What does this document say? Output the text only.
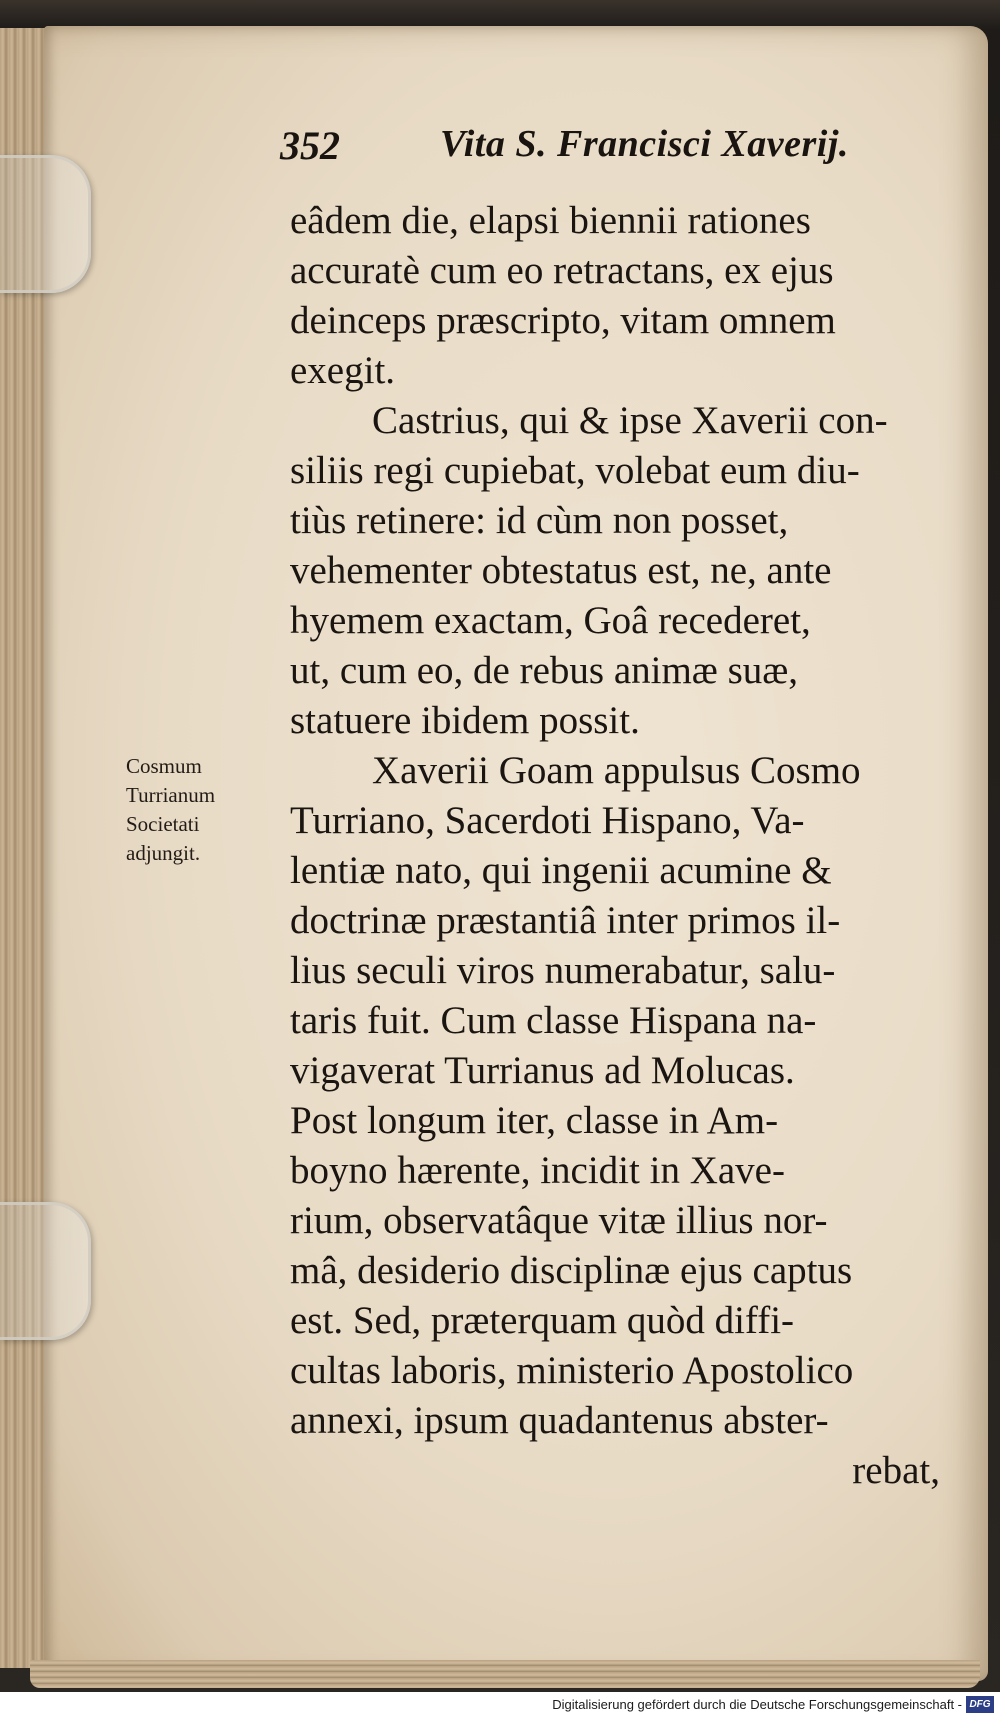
352	Vita S. Francisci Xaverij.
eâdem die, elapsi biennii rationes
accuratè cum eo retractans, ex ejus
deinceps præscripto, vitam omnem
exegit.
Castrius, qui & ipse Xaverii con-
siliis regi cupiebat, volebat eum diu-
tiùs retinere: id cùm non posset,
vehementer obtestatus est, ne, ante
hyemem exactam, Goâ recederet,
ut, cum eo, de rebus animæ suæ,
statuere ibidem possit.
Xaverii Goam appulsus Cosmo
Turriano, Sacerdoti Hispano, Va-
lentiæ nato, qui ingenii acumine &
doctrinæ præstantiâ inter primos il-
lius seculi viros numerabatur, salu-
taris fuit. Cum classe Hispana na-
vigaverat Turrianus ad Molucas.
Post longum iter, classe in Am-
boyno hærente, incidit in Xave-
rium, observatâque vitæ illius nor-
mâ, desiderio disciplinæ ejus captus
est. Sed, præterquam quòd diffi-
cultas laboris, ministerio Apostolico
annexi, ipsum quadantenus abster-
rebat,
Cosmum
Turrianum
Societati
adjungit.
Digitalisierung gefördert durch die Deutsche Forschungsgemeinschaft - DFG
